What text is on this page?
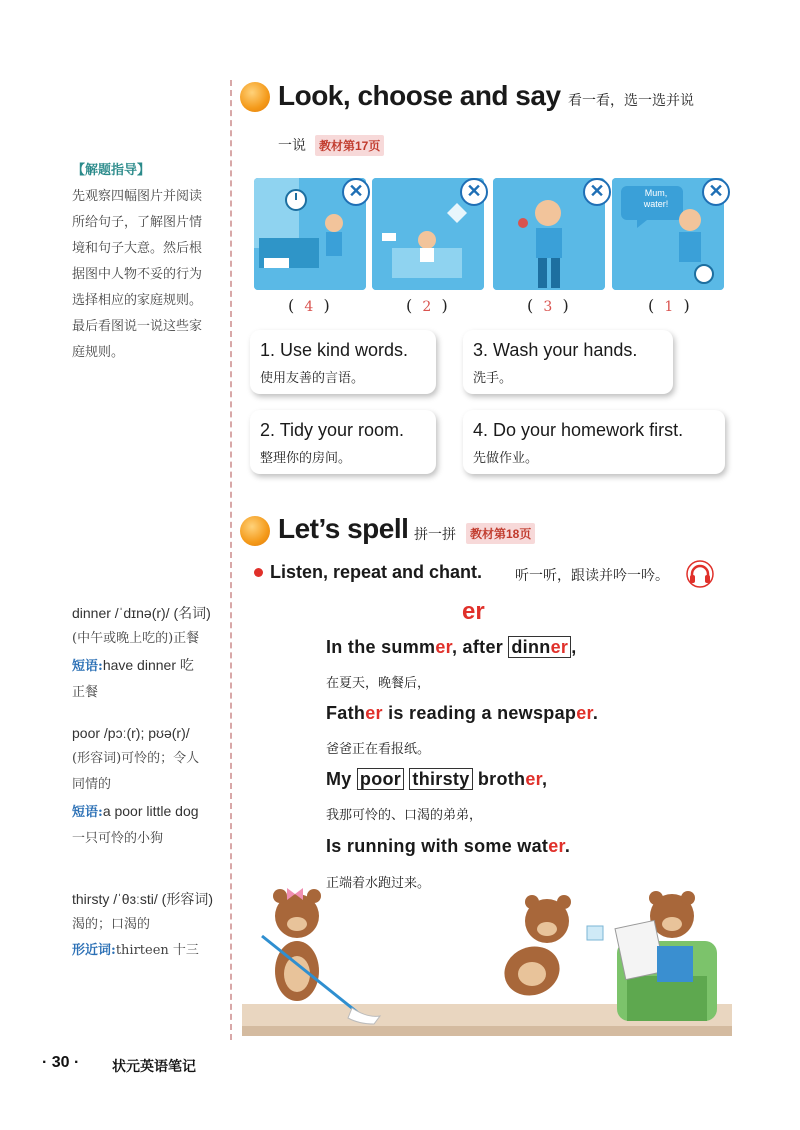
Look, choose and say 看一看，选一选并说
一说	教材第17页
【解题指导】
先观察四幅图片并阅读
所给句子，了解图片情
境和句子大意。然后根
据图中人物不妥的行为
选择相应的家庭规则。
最后看图说一说这些家
庭规则。
dinner /ˈdɪnə(r)/ (名词)
(中午或晚上吃的)正餐
短语:have dinner 吃
正餐
poor /pɔː(r); pʊə(r)/
(形容词)可怜的；令人
同情的
短语:a poor little dog
一只可怜的小狗
thirsty /ˈθɜːsti/ (形容词)
渴的；口渴的
形近词:thirteen 十三
Mum, water!
✕	✕	✕	✕
(  4  )	(  2  )	(  3  )	(  1  )
1. Use kind words.
使用友善的言语。
3. Wash your hands.
洗手。
2. Tidy your room.
整理你的房间。
4. Do your homework first.
先做作业。
Let’s spell 拼一拼	教材第18页
Listen, repeat and chant. 听一听，跟读并吟一吟。
er
In the summer, after dinner ,
在夏天，晚餐后，
Father is reading a newspaper.
爸爸正在看报纸。
My poor thirsty brother,
我那可怜的、口渴的弟弟，
Is running with some water.
正端着水跑过来。
· 30 · 状元英语笔记
